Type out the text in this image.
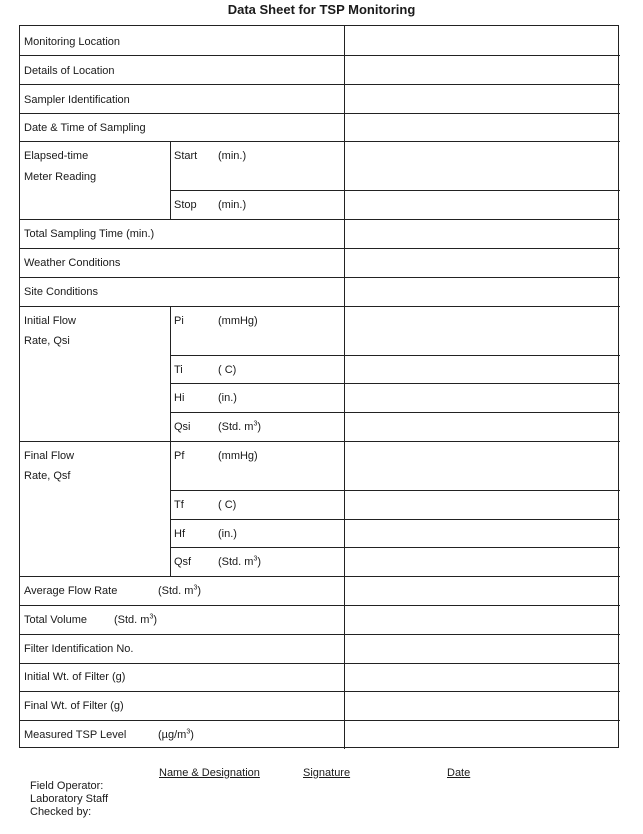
Data Sheet for TSP Monitoring
Monitoring Location
Details of Location
Sampler Identification
Date & Time of Sampling
Elapsed-time
Meter Reading
Start (min.)
Stop (min.)
Total Sampling Time (min.)
Weather Conditions
Site Conditions
Initial Flow
Rate, Qsi
Pi	(mmHg)
Ti	( C)
Hi	(in.)
Qsi	(Std. $m^3$)
Final Flow
Rate, Qsf
Pf	(mmHg)
Tf	( C)
Hf	(in.)
Qsf (Std. $m^3$)
Average Flow Rate	(Std. $m^3$)
Total Volume (Std. $m^3$)
Filter Identification No.
Initial Wt. of Filter (g)
Final Wt. of Filter (g)
Measured TSP Level	$(\mu g/m^3)$
Name & Designation	Signature	Date
Field Operator:
Laboratory Staff
Checked by:
